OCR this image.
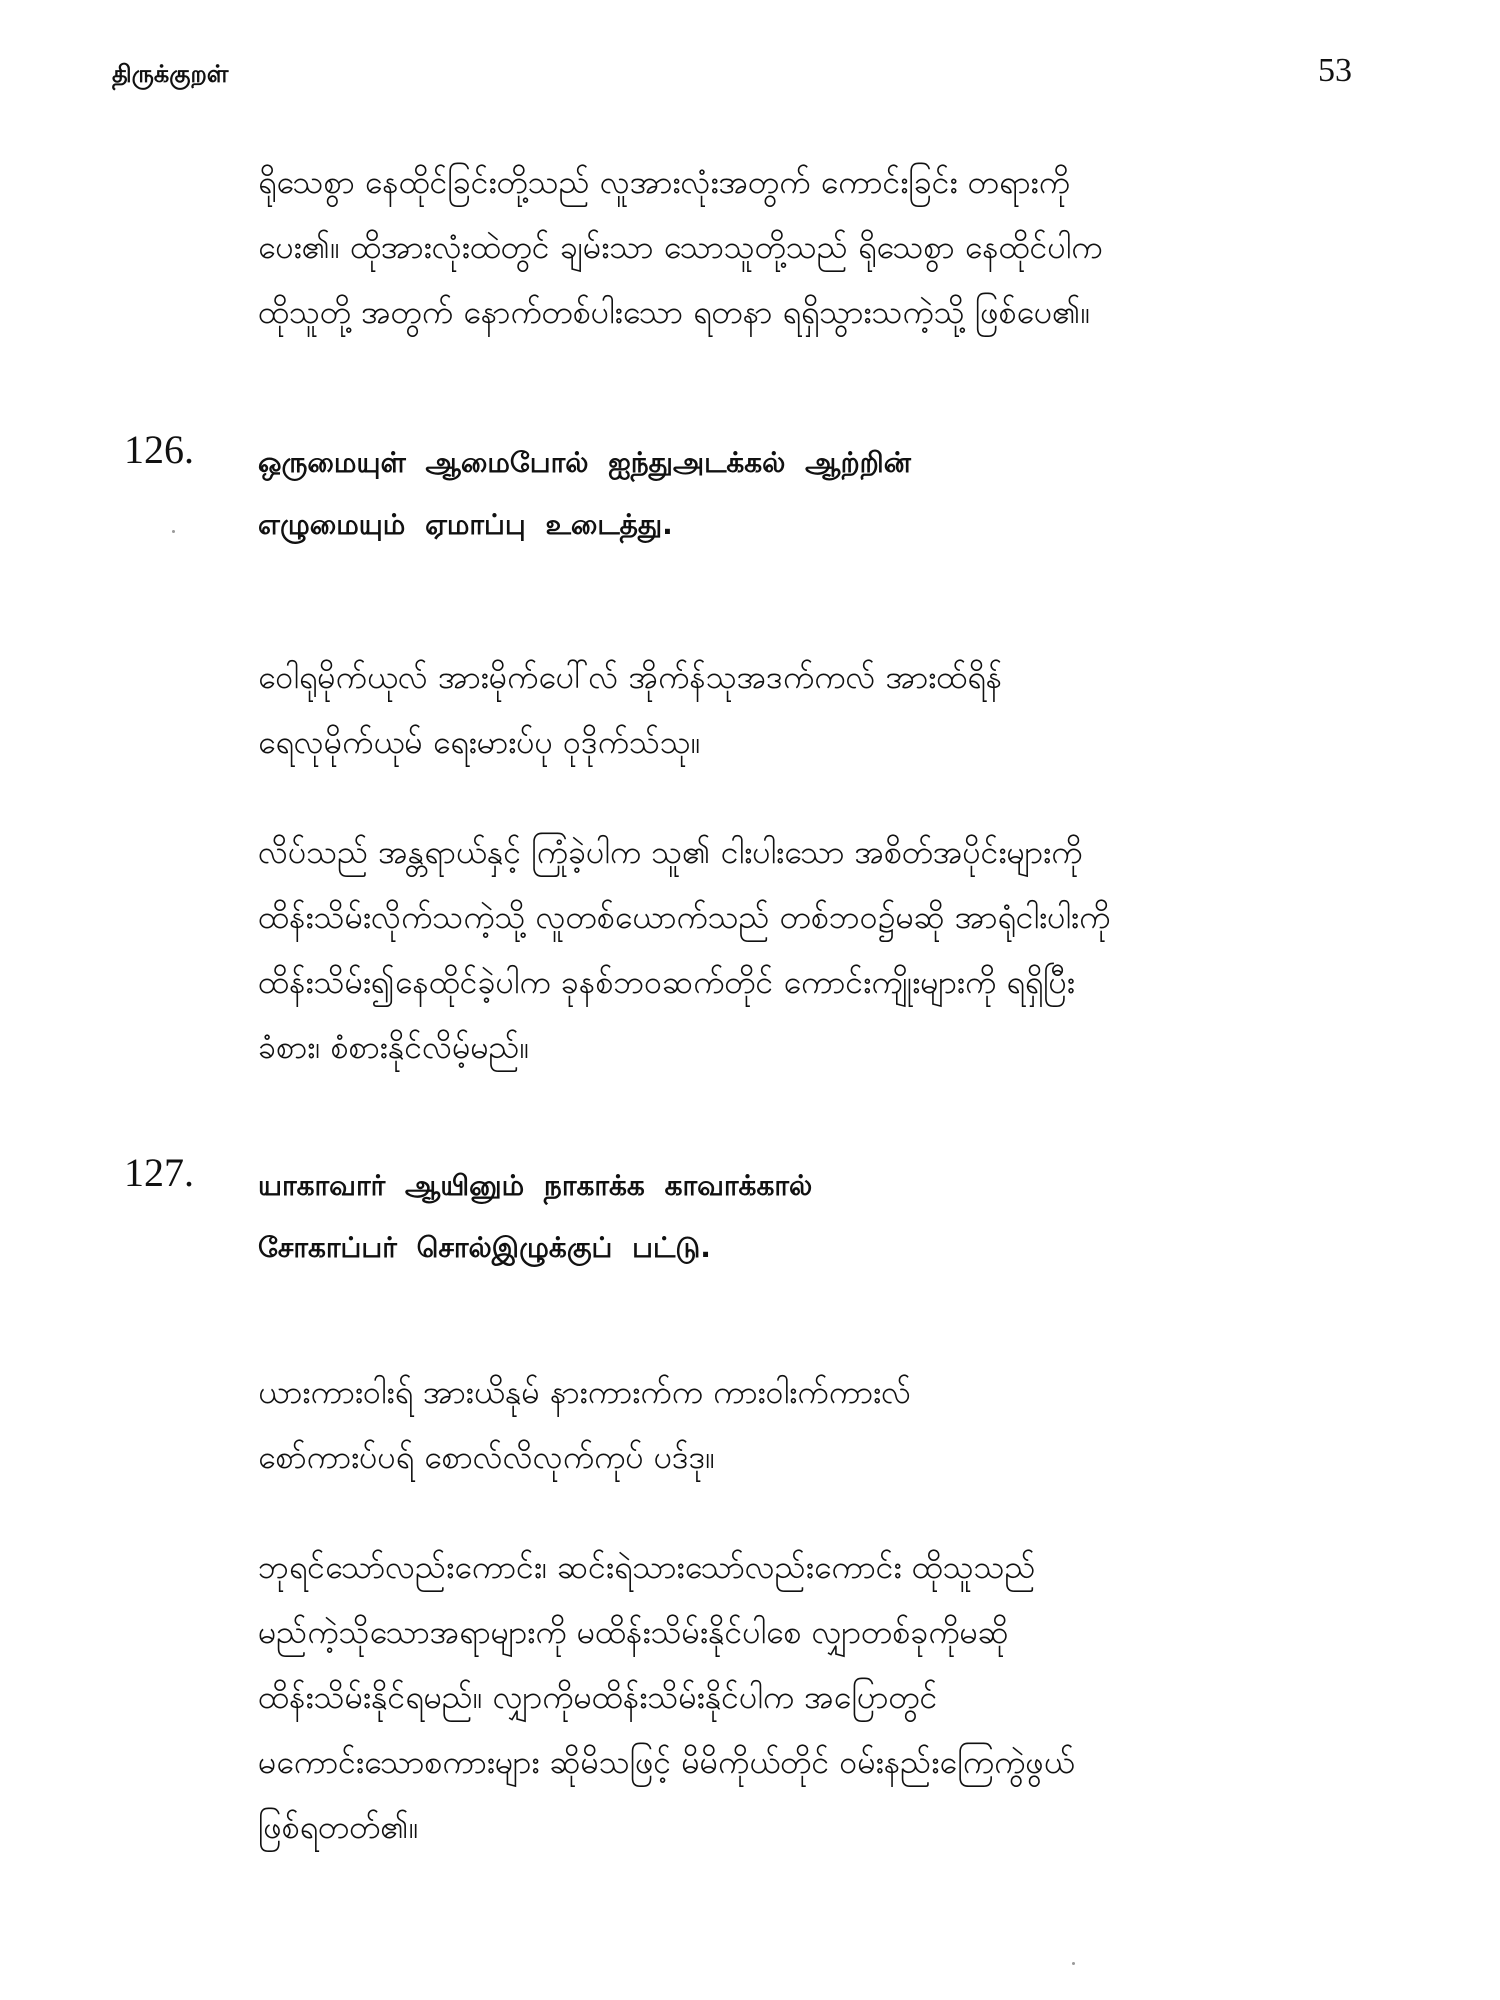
திருக்குறள்	53
ရိုသေစွာ နေထိုင်ခြင်းတို့သည် လူအားလုံးအတွက် ကောင်းခြင်း တရားကို
ပေး၏။ ထိုအားလုံးထဲတွင် ချမ်းသာ သောသူတို့သည် ရိုသေစွာ နေထိုင်ပါက
ထိုသူတို့ အတွက် နောက်တစ်ပါးသော ရတနာ ရရှိသွားသကဲ့သို့ ဖြစ်ပေ၏။
126. ஒருமையுள் ஆமைபோல் ஐந்துஅடக்கல் ஆற்றின்
எழுமையும் ஏமாப்பு உடைத்து.
ဝေါရုမိုက်ယုလ် အားမိုက်ပေါ်လ် အိုက်န်သုအဒက်ကလ် အားထ်ရိန်
ရေလုမိုက်ယုမ် ရေးမားပ်ပု ဝုဒိုက်သ်သု။
လိပ်သည် အန္တရာယ်နှင့် ကြုံခဲ့ပါက သူ၏ ငါးပါးသော အစိတ်အပိုင်းများကို
ထိန်းသိမ်းလိုက်သကဲ့သို့ လူတစ်ယောက်သည် တစ်ဘဝ၌မဆို အာရုံငါးပါးကို
ထိန်းသိမ်း၍နေထိုင်ခဲ့ပါက ခုနစ်ဘဝဆက်တိုင် ကောင်းကျိုးများကို ရရှိပြီး
ခံစား၊ စံစားနိုင်လိမ့်မည်။
127. யாகாவார் ஆயினும் நாகாக்க காவாக்கால்
சோகாப்பர் சொல்இழுக்குப் பட்டு.
ယားကားဝါးရ် အားယိနုမ် နားကားက်က ကားဝါးက်ကားလ်
စော်ကားပ်ပရ် စောလ်လိလုက်ကုပ် ပဒ်ဒု။
ဘုရင်သော်လည်းကောင်း၊ ဆင်းရဲသားသော်လည်းကောင်း ထိုသူသည်
မည်ကဲ့သိုသောအရာများကို မထိန်းသိမ်းနိုင်ပါစေ လျှာတစ်ခုကိုမဆို
ထိန်းသိမ်းနိုင်ရမည်။ လျှာကိုမထိန်းသိမ်းနိုင်ပါက အပြောတွင်
မကောင်းသောစကားများ ဆိုမိသဖြင့် မိမိကိုယ်တိုင် ဝမ်းနည်းကြေကွဲဖွယ်
ဖြစ်ရတတ်၏။
